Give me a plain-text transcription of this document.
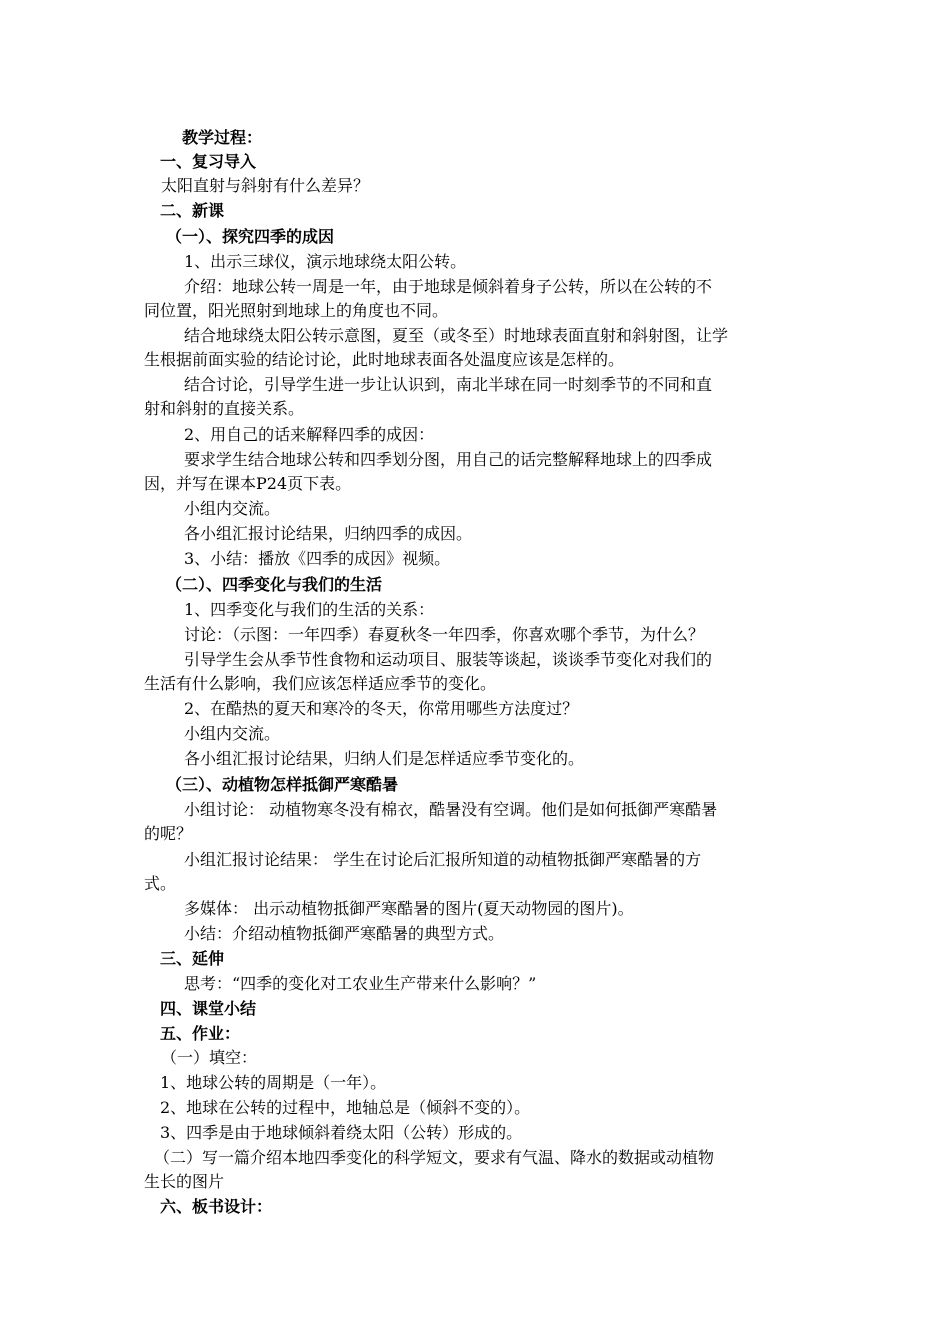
教学过程：
一、复习导入
太阳直射与斜射有什么差异？
二、新课
（一）、探究四季的成因
1、出示三球仪，演示地球绕太阳公转。
介绍：地球公转一周是一年，由于地球是倾斜着身子公转，所以在公转的不
同位置，阳光照射到地球上的角度也不同。
结合地球绕太阳公转示意图，夏至（或冬至）时地球表面直射和斜射图，让学
生根据前面实验的结论讨论，此时地球表面各处温度应该是怎样的。
结合讨论，引导学生进一步让认识到，南北半球在同一时刻季节的不同和直
射和斜射的直接关系。
2、用自己的话来解释四季的成因：
要求学生结合地球公转和四季划分图，用自己的话完整解释地球上的四季成
因，并写在课本P24页下表。
小组内交流。
各小组汇报讨论结果，归纳四季的成因。
3、小结：播放《四季的成因》视频。
（二）、四季变化与我们的生活
1、四季变化与我们的生活的关系：
讨论：（示图：一年四季）春夏秋冬一年四季，你喜欢哪个季节，为什么？
引导学生会从季节性食物和运动项目、服装等谈起，谈谈季节变化对我们的
生活有什么影响，我们应该怎样适应季节的变化。
2、在酷热的夏天和寒冷的冬天，你常用哪些方法度过？
小组内交流。
各小组汇报讨论结果，归纳人们是怎样适应季节变化的。
（三）、动植物怎样抵御严寒酷暑
小组讨论： 动植物寒冬没有棉衣，酷暑没有空调。他们是如何抵御严寒酷暑
的呢？
小组汇报讨论结果： 学生在讨论后汇报所知道的动植物抵御严寒酷暑的方
式。
多媒体： 出示动植物抵御严寒酷暑的图片(夏天动物园的图片)。
小结：介绍动植物抵御严寒酷暑的典型方式。
三、延伸
思考：“四季的变化对工农业生产带来什么影响？”
四、课堂小结
五、作业：
（一）填空：
1、地球公转的周期是（一年）。
2、地球在公转的过程中，地轴总是（倾斜不变的）。
3、四季是由于地球倾斜着绕太阳（公转）形成的。
（二）写一篇介绍本地四季变化的科学短文，要求有气温、降水的数据或动植物
生长的图片
六、板书设计：
